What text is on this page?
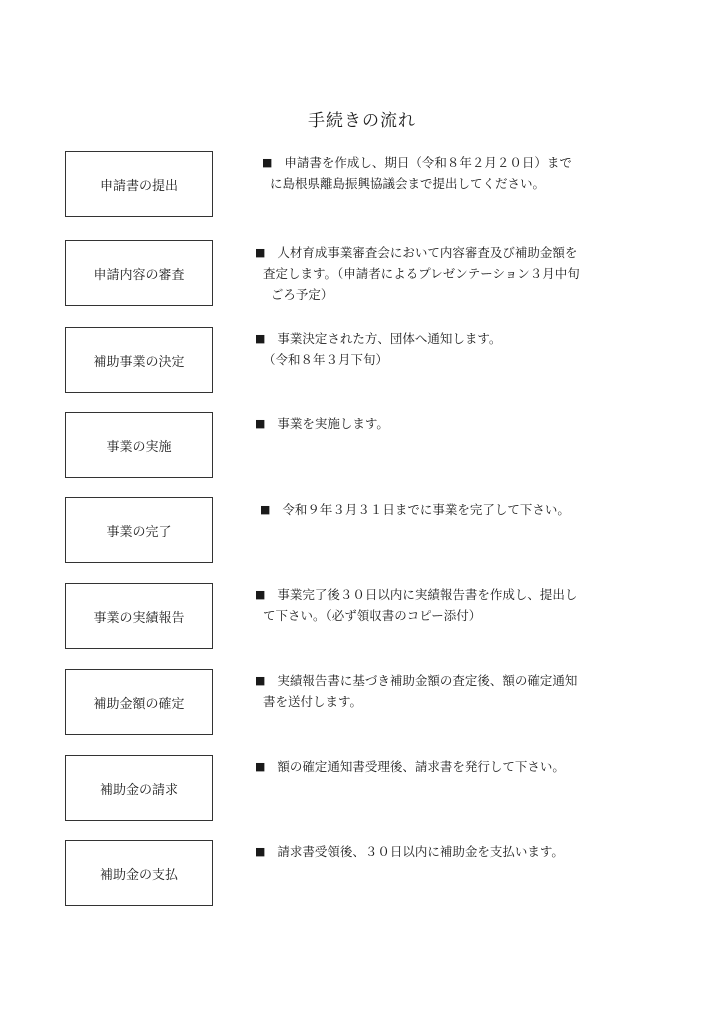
手続きの流れ
申請書の提出
■ 申請書を作成し、期日（令和８年２月２０日）まで
に島根県離島振興協議会まで提出してください。
申請内容の審査
■ 人材育成事業審査会において内容審査及び補助金額を
査定します。（申請者によるプレゼンテーション３月中旬
ごろ予定）
補助事業の決定
■ 事業決定された方、団体へ通知します。
（令和８年３月下旬）
事業の実施
■ 事業を実施します。
事業の完了
■ 令和９年３月３１日までに事業を完了して下さい。
事業の実績報告
■ 事業完了後３０日以内に実績報告書を作成し、提出し
て下さい。（必ず領収書のコピー添付）
補助金額の確定
■ 実績報告書に基づき補助金額の査定後、額の確定通知
書を送付します。
補助金の請求
■ 額の確定通知書受理後、請求書を発行して下さい。
補助金の支払
■ 請求書受領後、３０日以内に補助金を支払います。
